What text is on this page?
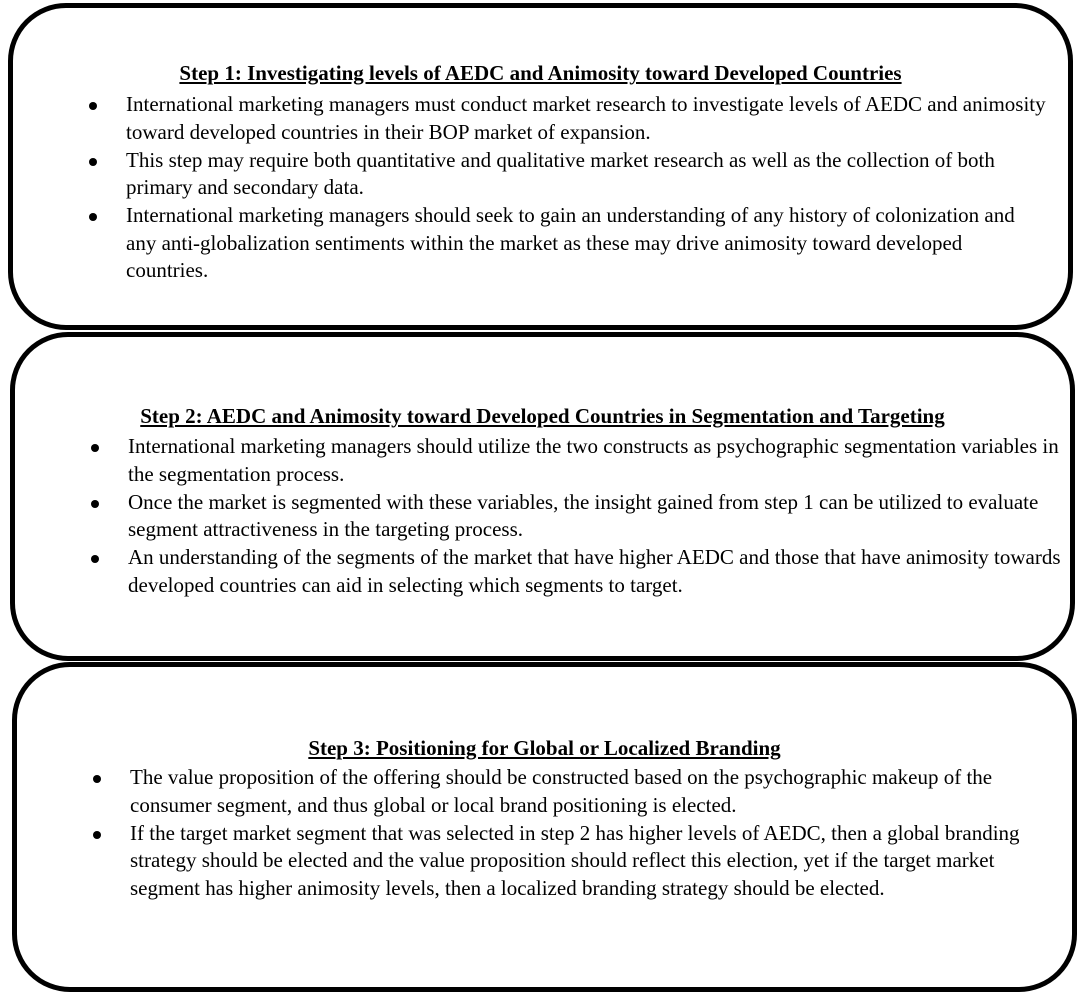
Step 1: Investigating levels of AEDC and Animosity toward Developed Countries
International marketing managers must conduct market research to investigate levels of AEDC and animosity toward developed countries in their BOP market of expansion.
This step may require both quantitative and qualitative market research as well as the collection of both primary and secondary data.
International marketing managers should seek to gain an understanding of any history of colonization and any anti-globalization sentiments within the market as these may drive animosity toward developed countries.
Step 2: AEDC and Animosity toward Developed Countries in Segmentation and Targeting
International marketing managers should utilize the two constructs as psychographic segmentation variables in the segmentation process.
Once the market is segmented with these variables, the insight gained from step 1 can be utilized to evaluate segment attractiveness in the targeting process.
An understanding of the segments of the market that have higher AEDC and those that have animosity towards developed countries can aid in selecting which segments to target.
Step 3: Positioning for Global or Localized Branding
The value proposition of the offering should be constructed based on the psychographic makeup of the consumer segment, and thus global or local brand positioning is elected.
If the target market segment that was selected in step 2 has higher levels of AEDC, then a global branding strategy should be elected and the value proposition should reflect this election, yet if the target market segment has higher animosity levels, then a localized branding strategy should be elected.
